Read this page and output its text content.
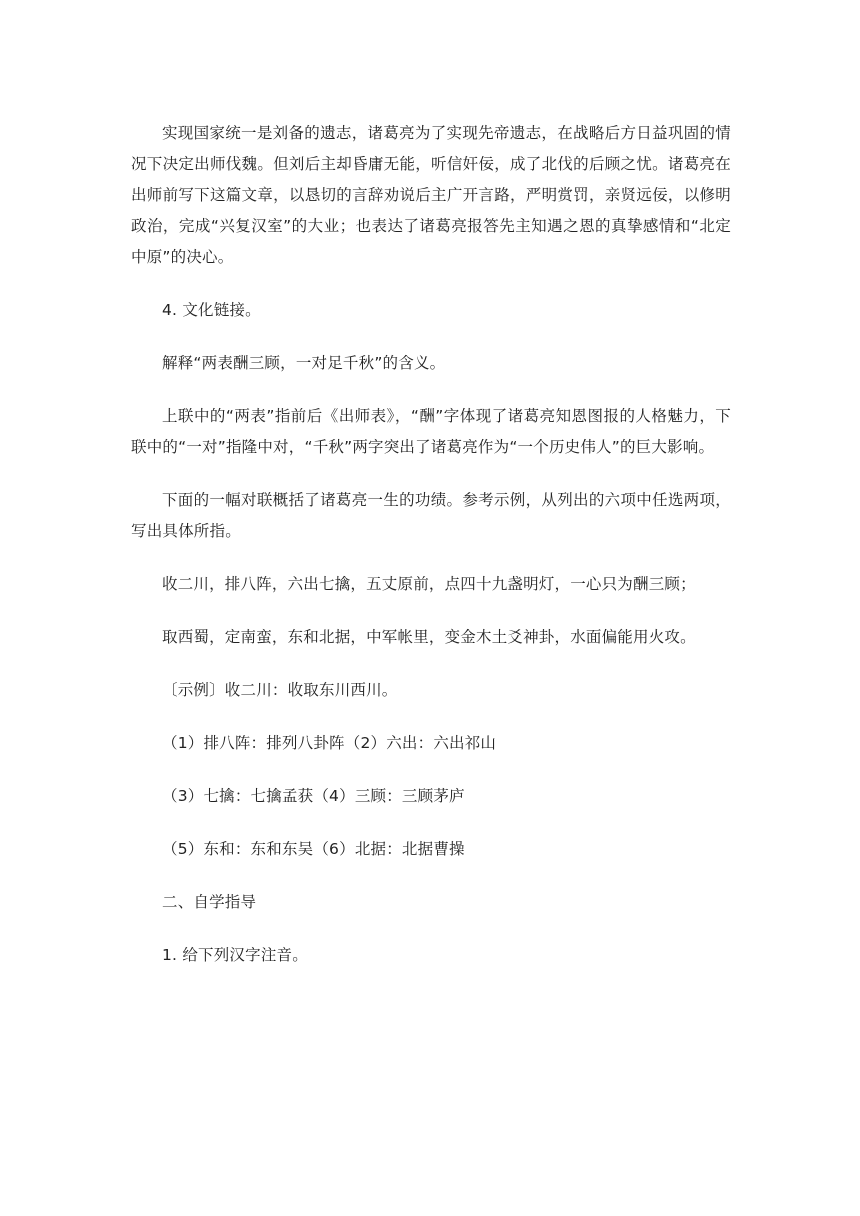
实现国家统一是刘备的遗志，诸葛亮为了实现先帝遗志，在战略后方日益巩固的情况下决定出师伐魏。但刘后主却昏庸无能，听信奸佞，成了北伐的后顾之忧。诸葛亮在出师前写下这篇文章，以恳切的言辞劝说后主广开言路，严明赏罚，亲贤远佞，以修明政治，完成“兴复汉室”的大业；也表达了诸葛亮报答先主知遇之恩的真挚感情和“北定中原”的决心。

4. 文化链接。

解释“两表酬三顾，一对足千秋”的含义。

上联中的“两表”指前后《出师表》，“酬”字体现了诸葛亮知恩图报的人格魅力，下联中的“一对”指隆中对，“千秋”两字突出了诸葛亮作为“一个历史伟人”的巨大影响。

下面的一幅对联概括了诸葛亮一生的功绩。参考示例，从列出的六项中任选两项，写出具体所指。

收二川，排八阵，六出七擒，五丈原前，点四十九盏明灯，一心只为酬三顾；

取西蜀，定南蛮，东和北据，中军帐里，变金木土爻神卦，水面偏能用火攻。

〔示例〕收二川：收取东川西川。

（1）排八阵：排列八卦阵（2）六出：六出祁山

（3）七擒：七擒孟获（4）三顾：三顾茅庐

（5）东和：东和东吴（6）北据：北据曹操

二、自学指导

1. 给下列汉字注音。
